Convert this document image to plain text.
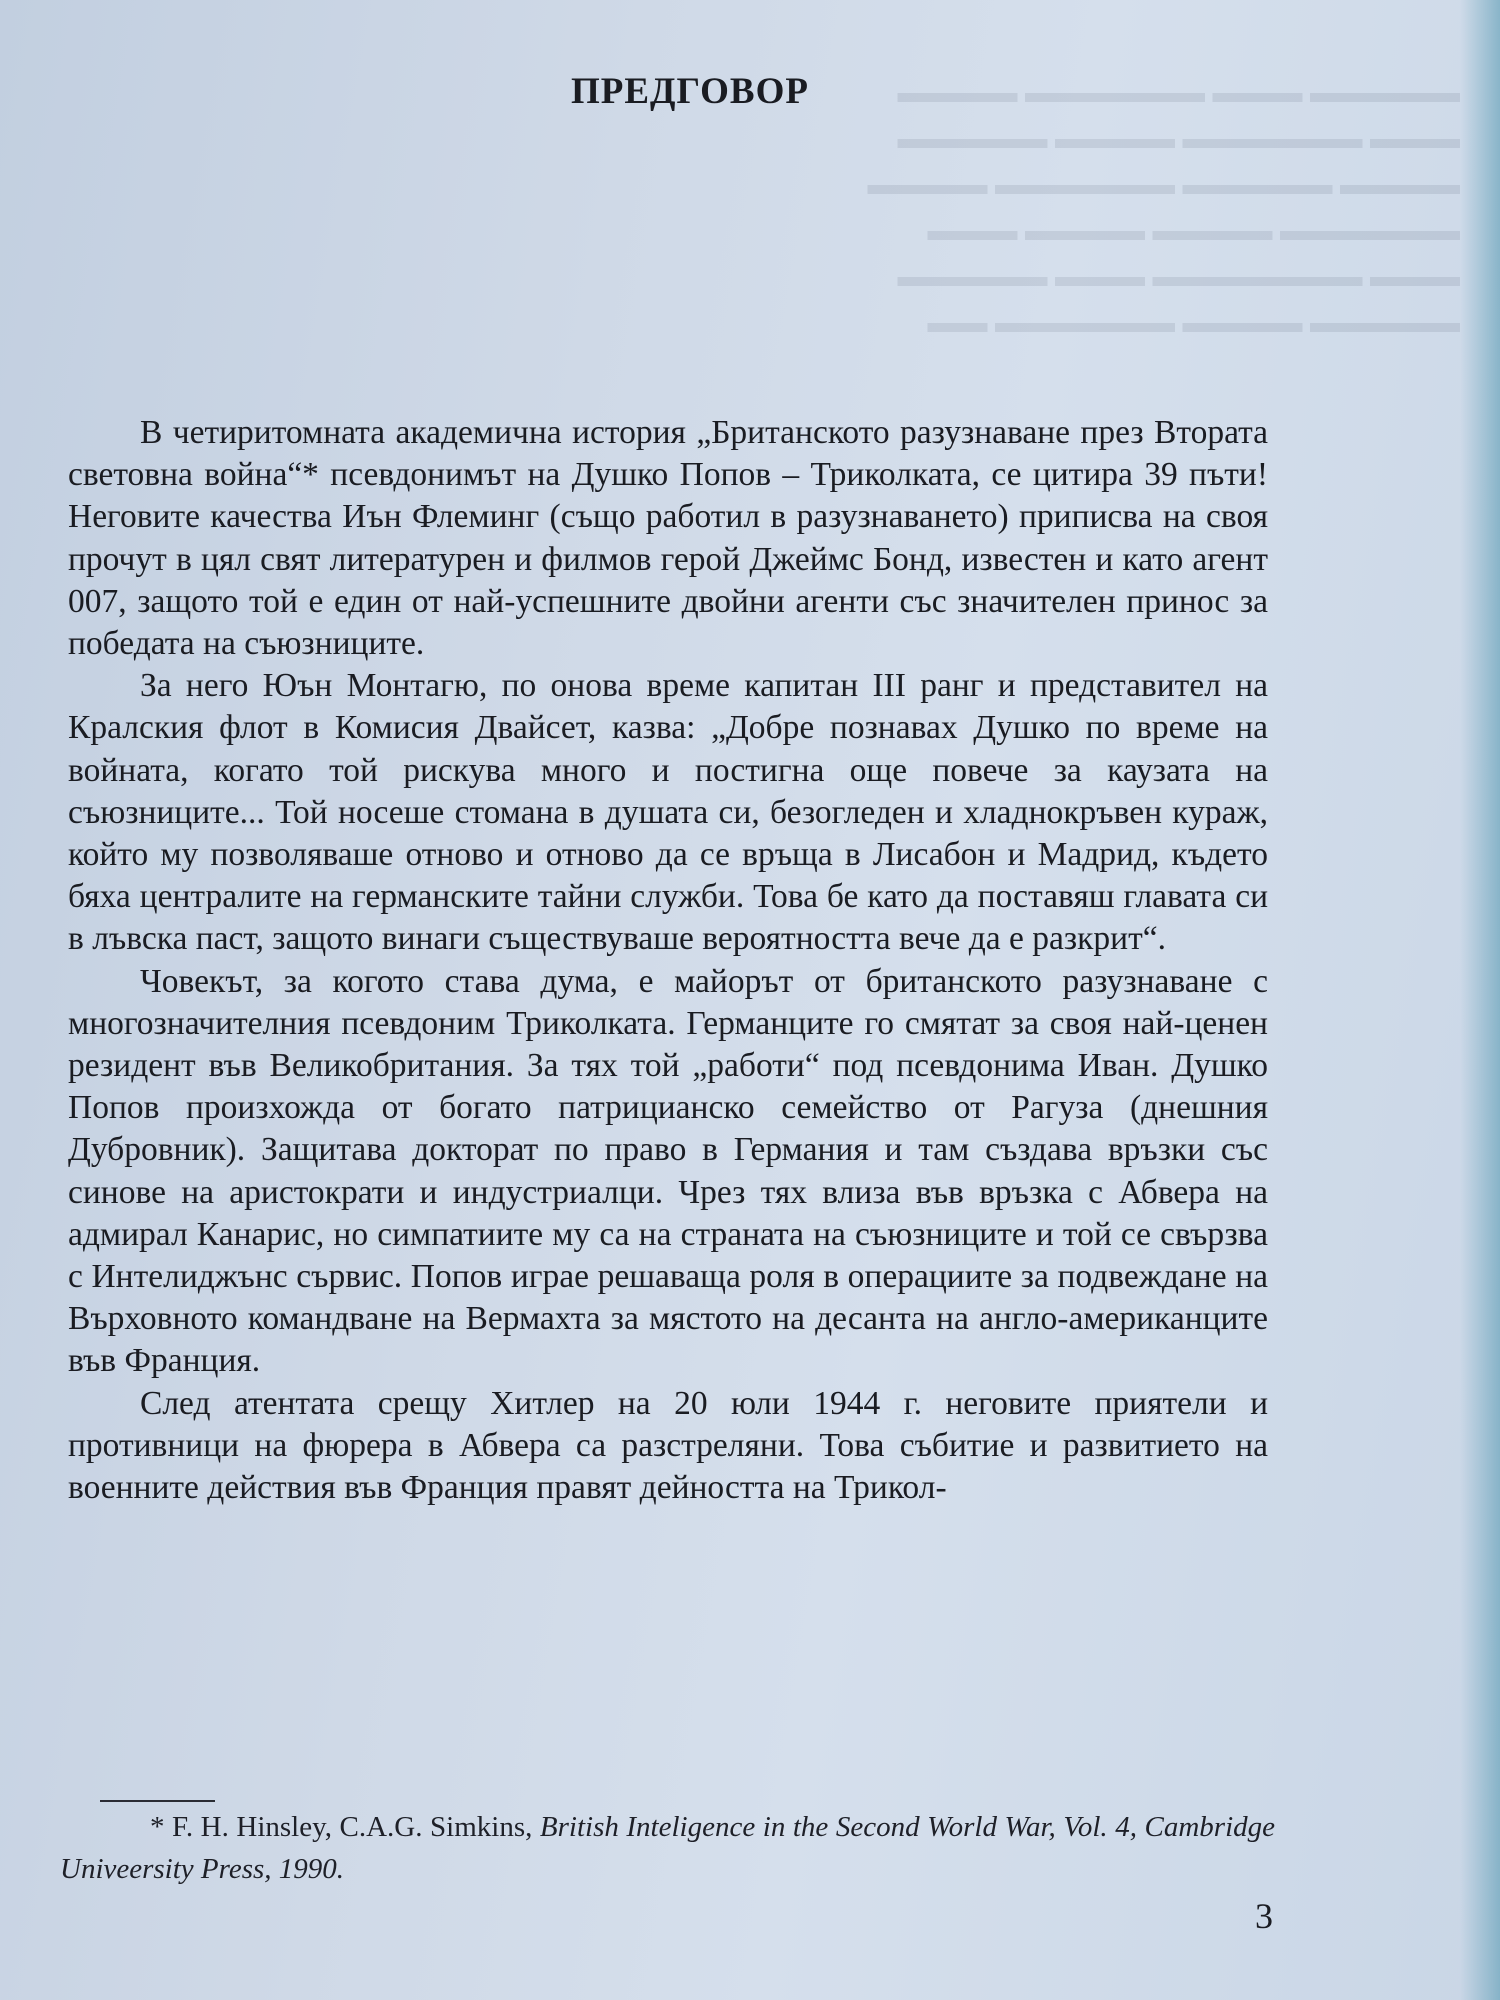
▬▬▬▬▬ ▬▬▬ ▬▬▬▬▬▬ ▬▬▬▬
▬▬▬ ▬▬▬▬▬▬ ▬▬▬▬ ▬▬▬▬▬
▬▬▬▬ ▬▬▬▬▬ ▬▬▬▬▬▬ ▬▬▬▬
▬▬▬▬▬▬ ▬▬▬▬ ▬▬▬▬ ▬▬▬
▬▬▬ ▬▬▬▬▬▬▬ ▬▬▬ ▬▬▬▬▬
▬▬▬▬▬ ▬▬▬▬ ▬▬▬▬▬▬ ▬▬
ПРЕДГОВОР

В четиритомната академична история „Британското разузнаване през Втората световна война“* псевдонимът на Душко Попов – Триколката, се цитира 39 пъти! Неговите качества Иън Флеминг (също работил в разузнаването) приписва на своя прочут в цял свят литературен и филмов герой Джеймс Бонд, известен и като агент 007, защото той е един от най-успешните двойни агенти със значителен принос за победата на съюзниците.

За него Юън Монтагю, по онова време капитан III ранг и представител на Кралския флот в Комисия Двайсет, казва: „Добре познавах Душко по време на войната, когато той рискува много и постигна още повече за каузата на съюзниците... Той носеше стомана в душата си, безогледен и хладнокръвен кураж, който му позволяваше отново и отново да се връща в Лисабон и Мадрид, където бяха централите на германските тайни служби. Това бе като да поставяш главата си в лъвска паст, защото винаги съществуваше вероятността вече да е разкрит“.

Човекът, за когото става дума, е майорът от британското разузнаване с многозначителния псевдоним Триколката. Германците го смятат за своя най-ценен резидент във Великобритания. За тях той „работи“ под псевдонима Иван. Душко Попов произхожда от богато патрицианско семейство от Рагуза (днешния Дубровник). Защитава докторат по право в Германия и там създава връзки със синове на аристократи и индустриалци. Чрез тях влиза във връзка с Абвера на адмирал Канарис, но симпатиите му са на страната на съюзниците и той се свързва с Интелиджънс сървис. Попов играе решаваща роля в операциите за подвеждане на Върховното командване на Вермахта за мястото на десанта на англо-американците във Франция.

След атентата срещу Хитлер на 20 юли 1944 г. неговите приятели и противници на фюрера в Абвера са разстреляни. Това събитие и развитието на военните действия във Франция правят дейността на Трикол-

* F. H. Hinsley, C.A.G. Simkins, British Inteligence in the Second World War, Vol. 4, Cambridge Univeersity Press, 1990.
3
